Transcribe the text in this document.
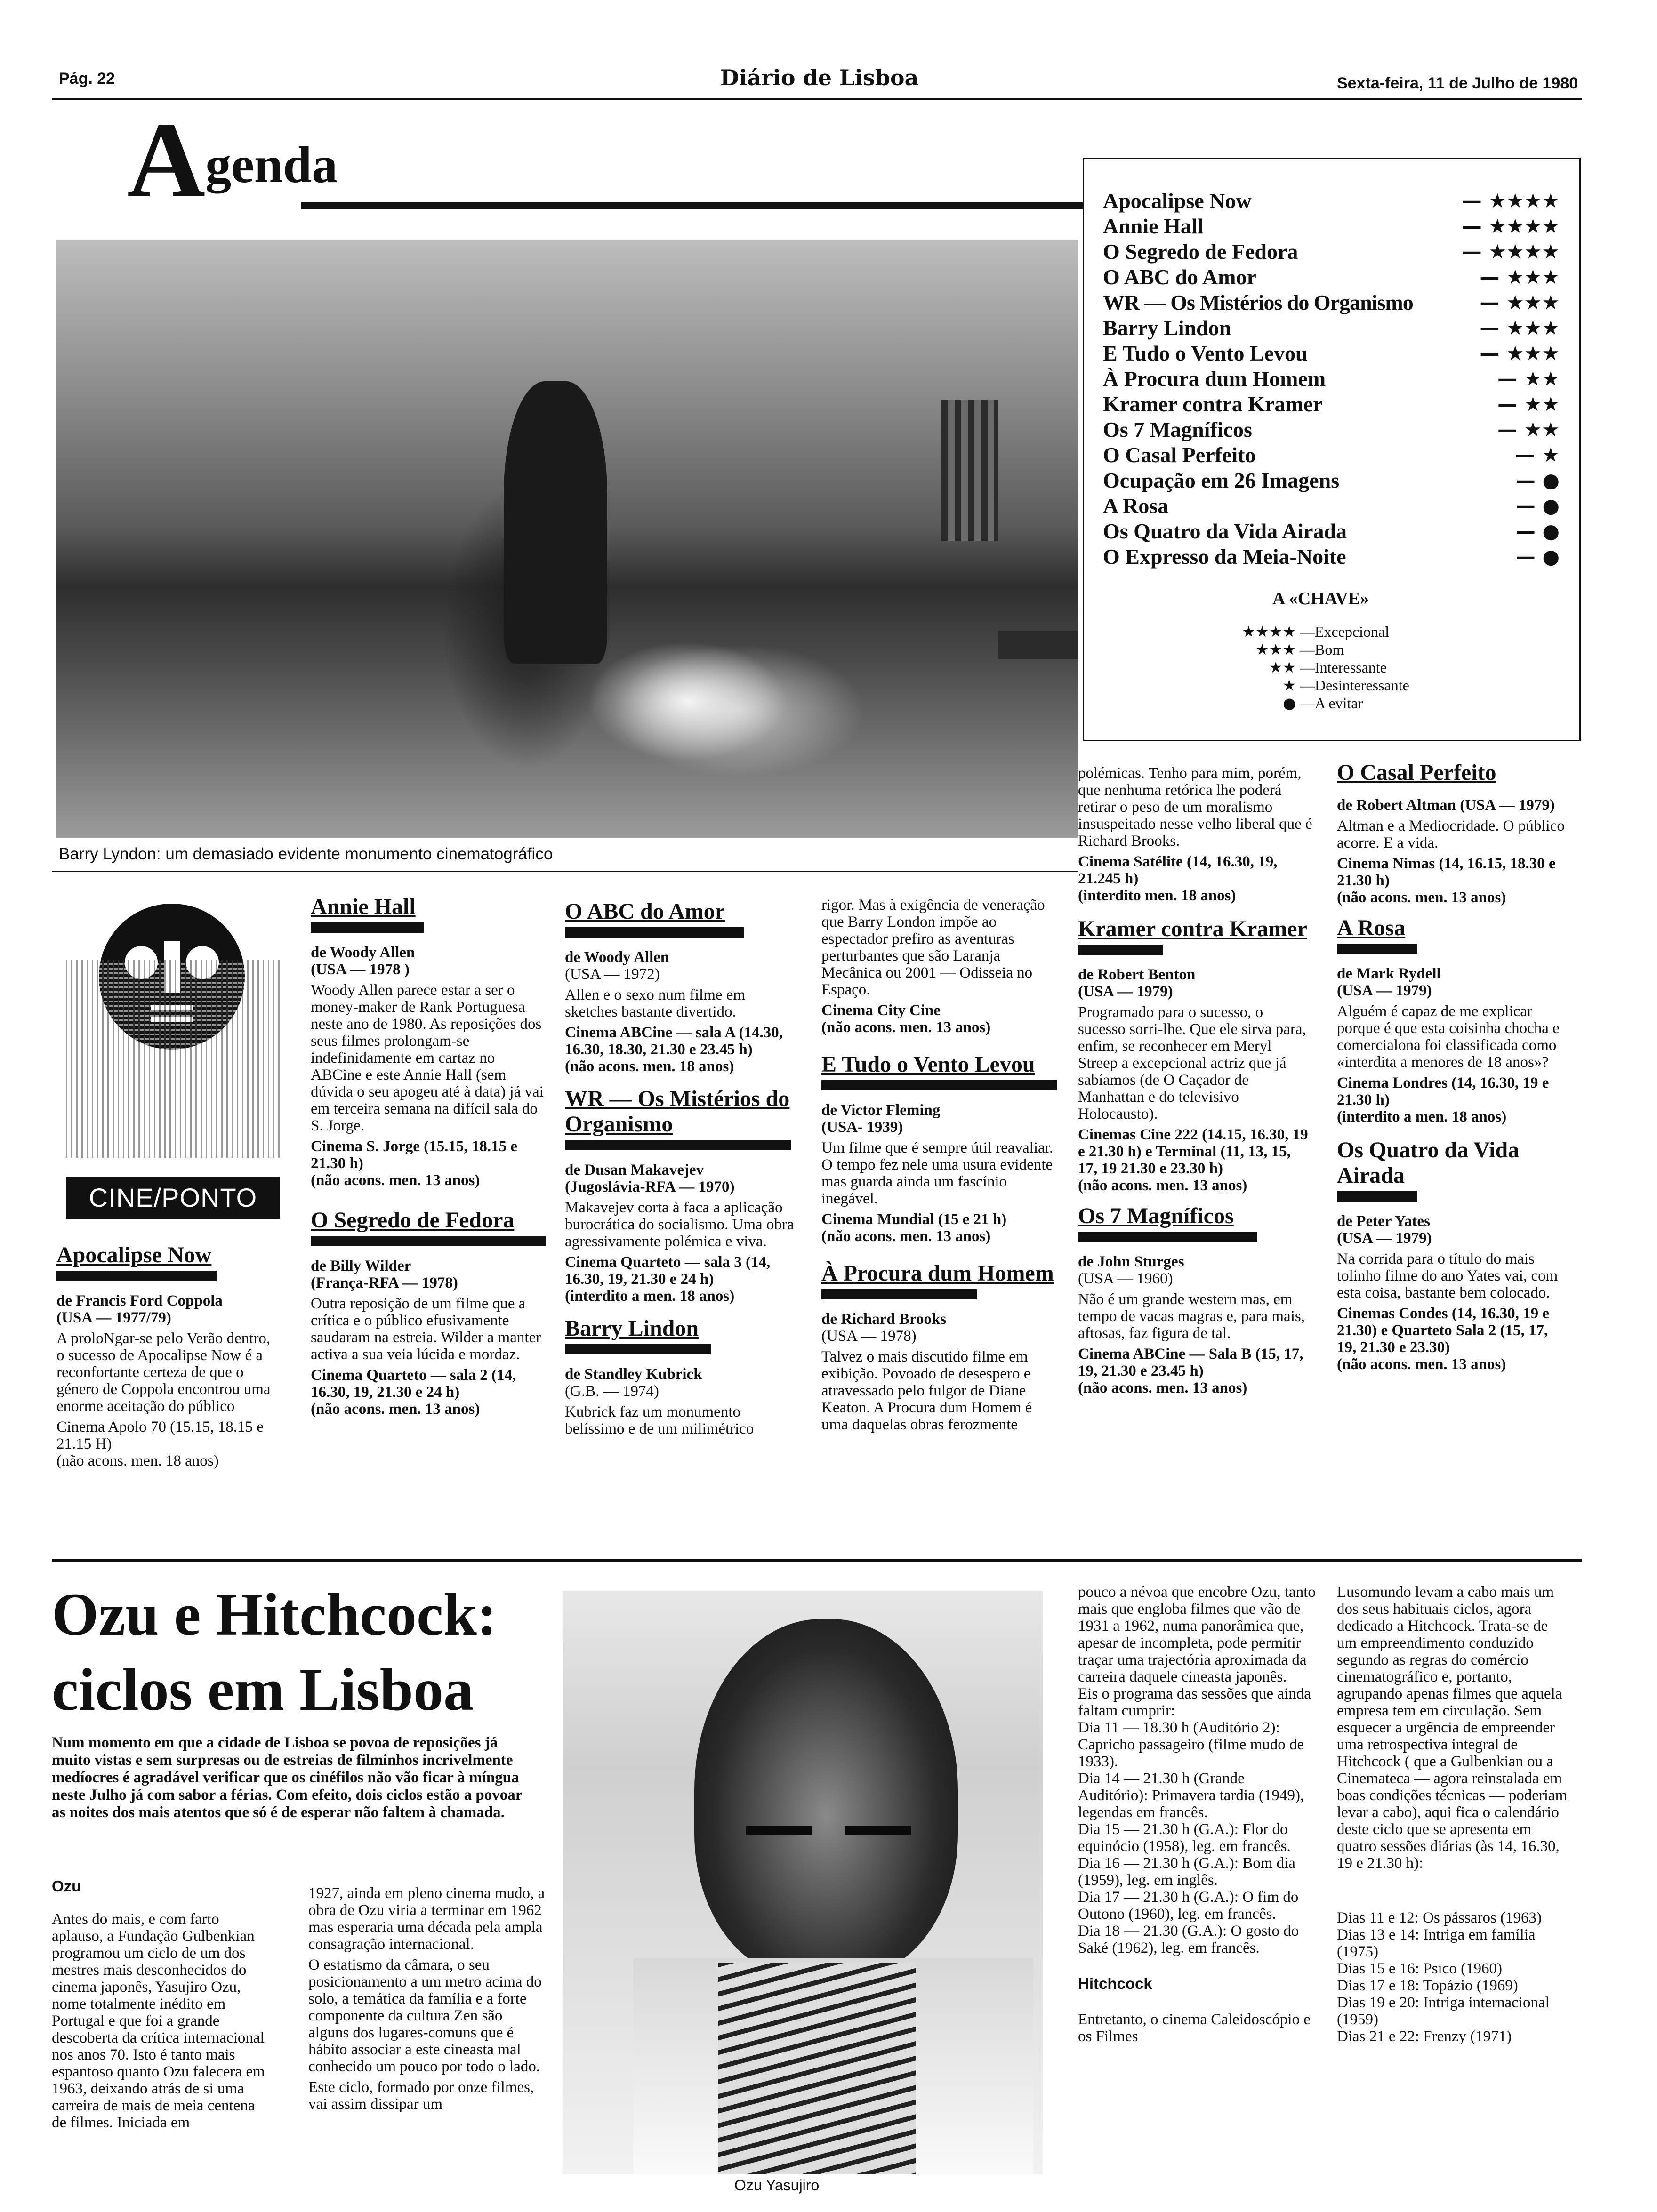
Pág. 22	Diário de Lisboa	Sexta-feira, 11 de Julho de 1980
Agenda
Barry Lyndon: um demasiado evidente monumento cinematográfico
Apocalipse Now	— ★★★★
Annie Hall	— ★★★★
O Segredo de Fedora	— ★★★★
O ABC do Amor	— ★★★
WR — Os Mistérios do Organismo	— ★★★
Barry Lindon	— ★★★
E Tudo o Vento Levou	— ★★★
À Procura dum Homem	— ★★
Kramer contra Kramer	— ★★
Os 7 Magníficos	— ★★
O Casal Perfeito	— ★
Ocupação em 26 Imagens	— ●
A Rosa	— ●
Os Quatro da Vida Airada	— ●
O Expresso da Meia-Noite	— ●
A «CHAVE»
★★★★ —Excepcional
★★★ —Bom
★★ —Interessante
★ —Desinteressante
● —A evitar
CINE/PONTO
Apocalipse Now

de Francis Ford Coppola
(USA — 1977/79)

A proloNgar-se pelo Verão dentro, o sucesso de Apocalipse Now é a reconfortante certeza de que o género de Coppola encontrou uma enorme aceitação do público

Cinema Apolo 70 (15.15, 18.15 e 21.15 H)
(não acons. men. 18 anos)

Annie Hall

de Woody Allen
(USA — 1978 )

Woody Allen parece estar a ser o money-maker de Rank Portuguesa neste ano de 1980. As reposições dos seus filmes prolongam-se indefinidamente em cartaz no ABCine e este Annie Hall (sem dúvida o seu apogeu até à data) já vai em terceira semana na difícil sala do S. Jorge.

Cinema S. Jorge (15.15, 18.15 e 21.30 h)
(não acons. men. 13 anos)

O Segredo de Fedora

de Billy Wilder
(França-RFA — 1978)

Outra reposição de um filme que a crítica e o público efusivamente saudaram na estreia. Wilder a manter activa a sua veia lúcida e mordaz.

Cinema Quarteto — sala 2 (14, 16.30, 19, 21.30 e 24 h)
(não acons. men. 13 anos)

O ABC do Amor

de Woody Allen
(USA — 1972)

Allen e o sexo num filme em sketches bastante divertido.

Cinema ABCine — sala A (14.30, 16.30, 18.30, 21.30 e 23.45 h)
(não acons. men. 18 anos)

WR — Os Mistérios do Organismo

de Dusan Makavejev
(Jugoslávia-RFA — 1970)

Makavejev corta à faca a aplicação burocrática do socialismo. Uma obra agressivamente polémica e viva.

Cinema Quarteto — sala 3 (14, 16.30, 19, 21.30 e 24 h)
(interdito a men. 18 anos)

Barry Lindon

de Standley Kubrick
(G.B. — 1974)

Kubrick faz um monumento belíssimo e de um milimétrico

rigor. Mas à exigência de veneração que Barry London impõe ao espectador prefiro as aventuras perturbantes que são Laranja Mecânica ou 2001 — Odisseia no Espaço.

Cinema City Cine
(não acons. men. 13 anos)

E Tudo o Vento Levou

de Victor Fleming
(USA- 1939)

Um filme que é sempre útil reavaliar. O tempo fez nele uma usura evidente mas guarda ainda um fascínio inegável.

Cinema Mundial (15 e 21 h)
(não acons. men. 13 anos)

À Procura dum Homem

de Richard Brooks
(USA — 1978)

Talvez o mais discutido filme em exibição. Povoado de desespero e atravessado pelo fulgor de Diane Keaton. A Procura dum Homem é uma daquelas obras ferozmente

polémicas. Tenho para mim, porém, que nenhuma retórica lhe poderá retirar o peso de um moralismo insuspeitado nesse velho liberal que é Richard Brooks.

Cinema Satélite (14, 16.30, 19, 21.245 h)
(interdito men. 18 anos)

Kramer contra Kramer

de Robert Benton
(USA — 1979)

Programado para o sucesso, o sucesso sorri-lhe. Que ele sirva para, enfim, se reconhecer em Meryl Streep a excepcional actriz que já sabíamos (de O Caçador de Manhattan e do televisivo Holocausto).

Cinemas Cine 222 (14.15, 16.30, 19 e 21.30 h) e Terminal (11, 13, 15, 17, 19 21.30 e 23.30 h)
(não acons. men. 13 anos)

Os 7 Magníficos

de John Sturges
(USA — 1960)

Não é um grande western mas, em tempo de vacas magras e, para mais, aftosas, faz figura de tal.

Cinema ABCine — Sala B (15, 17, 19, 21.30 e 23.45 h)
(não acons. men. 13 anos)

O Casal Perfeito

de Robert Altman (USA — 1979)

Altman e a Mediocridade. O público acorre. E a vida.

Cinema Nimas (14, 16.15, 18.30 e 21.30 h)
(não acons. men. 13 anos)

A Rosa

de Mark Rydell
(USA — 1979)

Alguém é capaz de me explicar porque é que esta coisinha chocha e comercialona foi classificada como «interdita a menores de 18 anos»?

Cinema Londres (14, 16.30, 19 e 21.30 h)
(interdito a men. 18 anos)

Os Quatro da Vida Airada

de Peter Yates
(USA — 1979)

Na corrida para o título do mais tolinho filme do ano Yates vai, com esta coisa, bastante bem colocado.

Cinemas Condes (14, 16.30, 19 e 21.30) e Quarteto Sala 2 (15, 17, 19, 21.30 e 23.30)
(não acons. men. 13 anos)

Ozu e Hitchcock:
ciclos em Lisboa
Num momento em que a cidade de Lisboa se povoa de reposições já muito vistas e sem surpresas ou de estreias de filminhos incrivelmente medíocres é agradável verificar que os cinéfilos não vão ficar à míngua neste Julho já com sabor a férias. Com efeito, dois ciclos estão a povoar as noites dos mais atentos que só é de esperar não faltem à chamada.

Ozu

Antes do mais, e com farto aplauso, a Fundação Gulbenkian programou um ciclo de um dos mestres mais desconhecidos do cinema japonês, Yasujiro Ozu, nome totalmente inédito em Portugal e que foi a grande descoberta da crítica internacional nos anos 70. Isto é tanto mais espantoso quanto Ozu falecera em 1963, deixando atrás de si uma carreira de mais de meia centena de filmes. Iniciada em

1927, ainda em pleno cinema mudo, a obra de Ozu viria a terminar em 1962 mas esperaria uma década pela ampla consagração internacional.

O estatismo da câmara, o seu posicionamento a um metro acima do solo, a temática da família e a forte componente da cultura Zen são alguns dos lugares-comuns que é hábito associar a este cineasta mal conhecido um pouco por todo o lado.

Este ciclo, formado por onze filmes, vai assim dissipar um

Ozu Yasujiro

pouco a névoa que encobre Ozu, tanto mais que engloba filmes que vão de 1931 a 1962, numa panorâmica que, apesar de incompleta, pode permitir traçar uma trajectória aproximada da carreira daquele cineasta japonês.

Eis o programa das sessões que ainda faltam cumprir:

Dia 11 — 18.30 h (Auditório 2): Capricho passageiro (filme mudo de 1933).

Dia 14 — 21.30 h (Grande Auditório): Primavera tardia (1949), legendas em francês.

Dia 15 — 21.30 h (G.A.): Flor do equinócio (1958), leg. em francês.

Dia 16 — 21.30 h (G.A.): Bom dia (1959), leg. em inglês.

Dia 17 — 21.30 h (G.A.): O fim do Outono (1960), leg. em francês.

Dia 18 — 21.30 (G.A.): O gosto do Saké (1962), leg. em francês.

Hitchcock

Entretanto, o cinema Caleidoscópio e os Filmes

Lusomundo levam a cabo mais um dos seus habituais ciclos, agora dedicado a Hitchcock. Trata-se de um empreendimento conduzido segundo as regras do comércio cinematográfico e, portanto, agrupando apenas filmes que aquela empresa tem em circulação. Sem esquecer a urgência de empreender uma retrospectiva integral de Hitchcock ( que a Gulbenkian ou a Cinemateca — agora reinstalada em boas condições técnicas — poderiam levar a cabo), aqui fica o calendário deste ciclo que se apresenta em quatro sessões diárias (às 14, 16.30, 19 e 21.30 h):

Dias 11 e 12: Os pássaros (1963)

Dias 13 e 14: Intriga em família (1975)

Dias 15 e 16: Psico (1960)

Dias 17 e 18: Topázio (1969)

Dias 19 e 20: Intriga internacional (1959)

Dias 21 e 22: Frenzy (1971)
